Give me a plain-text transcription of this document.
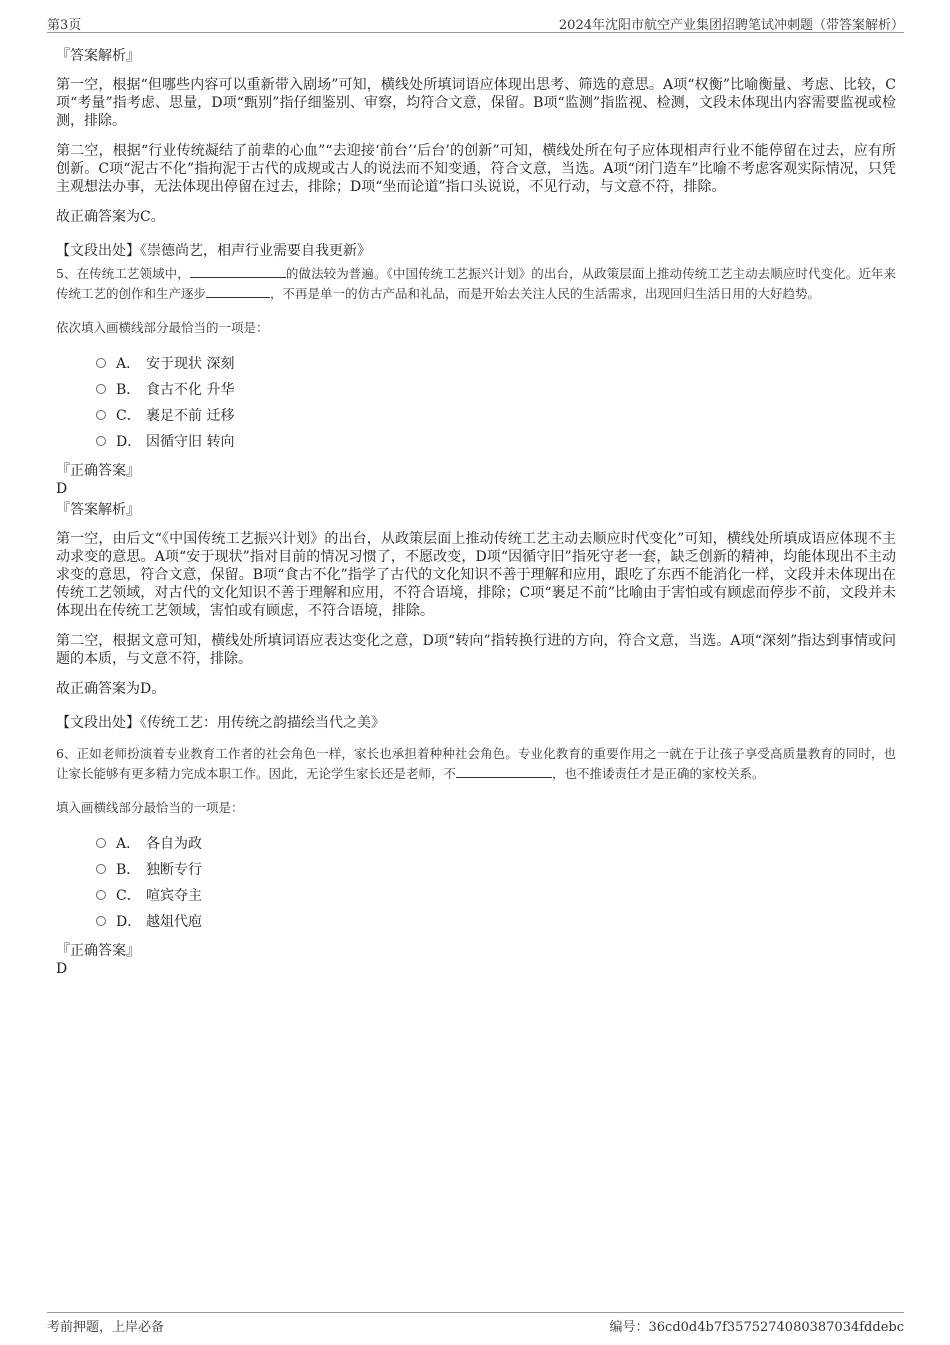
第3页	2024年沈阳市航空产业集团招聘笔试冲刺题（带答案解析）
『答案解析』

第一空，根据“但哪些内容可以重新带入剧场”可知，横线处所填词语应体现出思考、筛选的意思。A项“权衡”比喻衡量、考虑、比较，C项“考量”指考虑、思量，D项“甄别”指仔细鉴别、审察，均符合文意，保留。B项“监测”指监视、检测，文段未体现出内容需要监视或检测，排除。

第二空，根据“行业传统凝结了前辈的心血”“去迎接‘前台’‘后台’的创新”可知，横线处所在句子应体现相声行业不能停留在过去，应有所创新。C项“泥古不化”指拘泥于古代的成规或古人的说法而不知变通，符合文意，当选。A项“闭门造车”比喻不考虑客观实际情况，只凭主观想法办事，无法体现出停留在过去，排除；D项“坐而论道”指口头说说，不见行动，与文意不符，排除。

故正确答案为C。

【文段出处】《崇德尚艺，相声行业需要自我更新》
5、在传统工艺领域中，	的做法较为普遍。《中国传统工艺振兴计划》的出台，从政策层面上推动传统工艺主动去顺应时代变化。近年来传统工艺的创作和生产逐步	，不再是单一的仿古产品和礼品，而是开始去关注人民的生活需求，出现回归生活日用的大好趋势。
依次填入画横线部分最恰当的一项是：
A． 安于现状 深刻
B． 食古不化 升华
C． 裹足不前 迁移
D． 因循守旧 转向

『正确答案』

D

『答案解析』

第一空，由后文“《中国传统工艺振兴计划》的出台，从政策层面上推动传统工艺主动去顺应时代变化”可知，横线处所填成语应体现不主动求变的意思。A项“安于现状”指对目前的情况习惯了，不愿改变，D项“因循守旧”指死守老一套，缺乏创新的精神，均能体现出不主动求变的意思，符合文意，保留。B项“食古不化”指学了古代的文化知识不善于理解和应用，跟吃了东西不能消化一样，文段并未体现出在传统工艺领域，对古代的文化知识不善于理解和应用，不符合语境，排除；C项“裹足不前”比喻由于害怕或有顾虑而停步不前，文段并未体现出在传统工艺领域，害怕或有顾虑，不符合语境，排除。

第二空，根据文意可知，横线处所填词语应表达变化之意，D项“转向”指转换行进的方向，符合文意，当选。A项“深刻”指达到事情或问题的本质，与文意不符，排除。

故正确答案为D。

【文段出处】《传统工艺：用传统之韵描绘当代之美》
6、正如老师扮演着专业教育工作者的社会角色一样，家长也承担着种种社会角色。专业化教育的重要作用之一就在于让孩子享受高质量教育的同时，也让家长能够有更多精力完成本职工作。因此，无论学生家长还是老师，不	，也不推诿责任才是正确的家校关系。
填入画横线部分最恰当的一项是：
A． 各自为政
B． 独断专行
C． 喧宾夺主
D． 越俎代庖

『正确答案』

D

考前押题，上岸必备	编号：36cd0d4b7f3575274080387034fddebc
